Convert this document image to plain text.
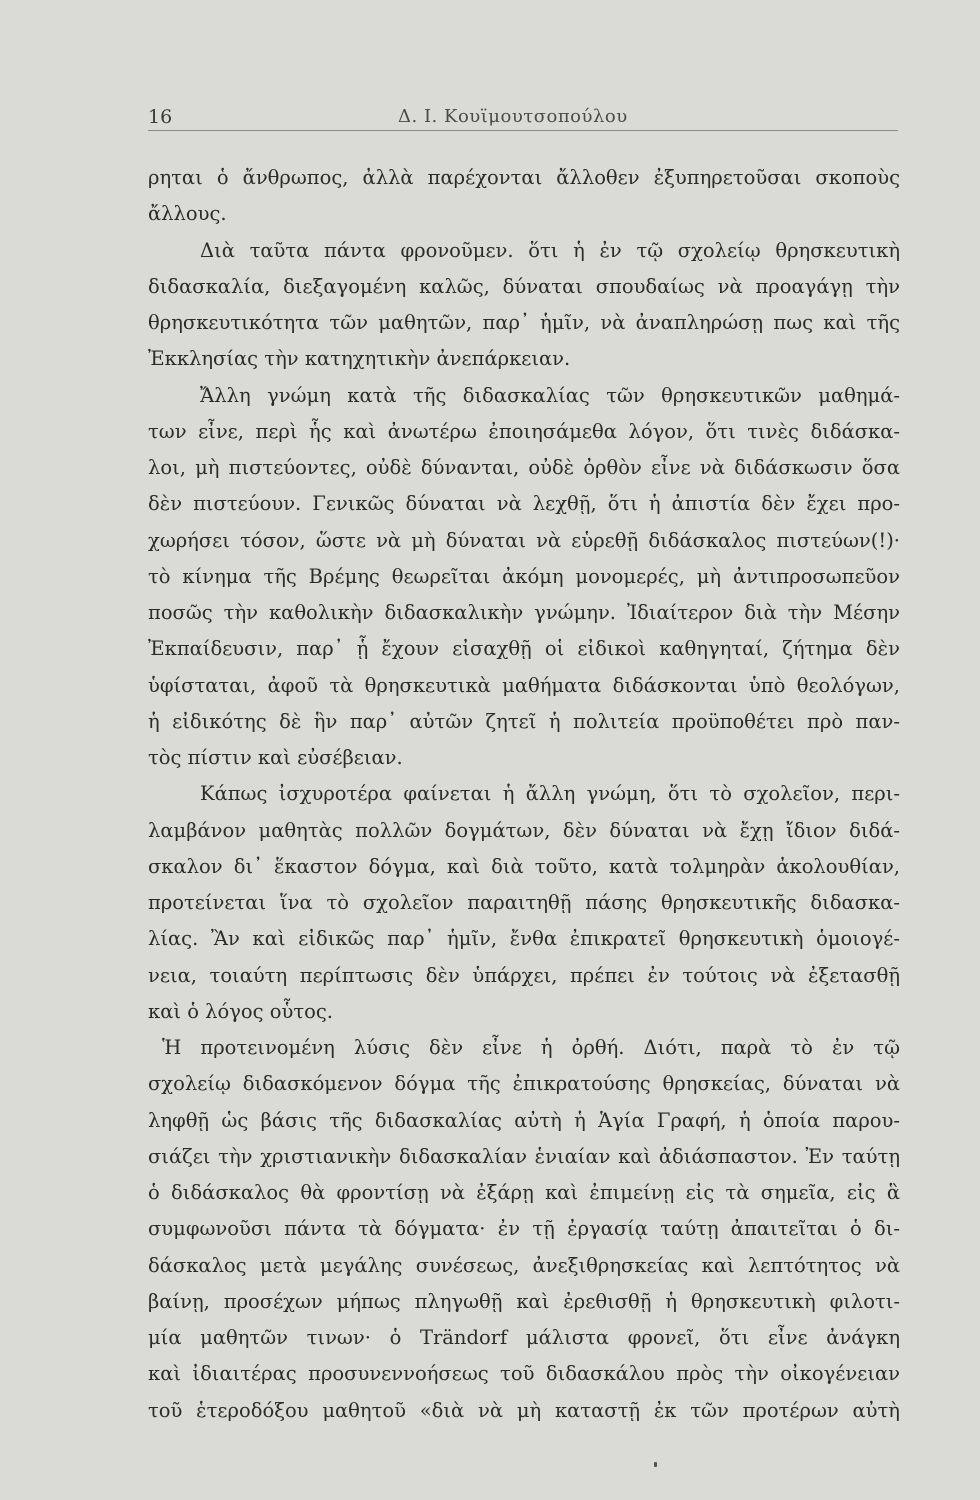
16	Δ. Ι. Κουϊμουτσοπούλου
ρηται ὁ ἄνθρωπος, ἀλλὰ παρέχονται ἄλλοθεν ἐξυπηρετοῦσαι σκοποὺς
ἄλλους.
Διὰ ταῦτα πάντα φρονοῦμεν. ὅτι ἡ ἐν τῷ σχολείῳ θρησκευτικὴ
διδασκαλία, διεξαγομένη καλῶς, δύναται σπουδαίως νὰ προαγάγῃ τὴν
θρησκευτικότητα τῶν μαθητῶν, παρ᾽ ἡμῖν, νὰ ἀναπληρώσῃ πως καὶ τῆς
Ἐκκλησίας τὴν κατηχητικὴν ἀνεπάρκειαν.
Ἄλλη γνώμη κατὰ τῆς διδασκαλίας τῶν θρησκευτικῶν μαθημά-
των εἶνε, περὶ ἧς καὶ ἀνωτέρω ἐποιησάμεθα λόγον, ὅτι τινὲς διδάσκα-
λοι, μὴ πιστεύοντες, οὐδὲ δύνανται, οὐδὲ ὀρθὸν εἶνε νὰ διδάσκωσιν ὅσα
δὲν πιστεύουν. Γενικῶς δύναται νὰ λεχθῇ, ὅτι ἡ ἀπιστία δὲν ἔχει προ-
χωρήσει τόσον, ὥστε νὰ μὴ δύναται νὰ εὑρεθῇ διδάσκαλος πιστεύων(!)·
τὸ κίνημα τῆς Βρέμης θεωρεῖται ἀκόμη μονομερές, μὴ ἀντιπροσωπεῦον
ποσῶς τὴν καθολικὴν διδασκαλικὴν γνώμην. Ἰδιαίτερον διὰ τὴν Μέσην
Ἐκπαίδευσιν, παρ᾽ ᾗ ἔχουν εἰσαχθῇ οἱ εἰδικοὶ καθηγηταί, ζήτημα δὲν
ὑφίσταται, ἀφοῦ τὰ θρησκευτικὰ μαθήματα διδάσκονται ὑπὸ θεολόγων,
ἡ εἰδικότης δὲ ἣν παρ᾽ αὐτῶν ζητεῖ ἡ πολιτεία προϋποθέτει πρὸ παν-
τὸς πίστιν καὶ εὐσέβειαν.
Κάπως ἰσχυροτέρα φαίνεται ἡ ἄλλη γνώμη, ὅτι τὸ σχολεῖον, περι-
λαμβάνον μαθητὰς πολλῶν δογμάτων, δὲν δύναται νὰ ἔχῃ ἴδιον διδά-
σκαλον δι᾽ ἕκαστον δόγμα, καὶ διὰ τοῦτο, κατὰ τολμηρὰν ἀκολουθίαν,
προτείνεται ἵνα τὸ σχολεῖον παραιτηθῇ πάσης θρησκευτικῆς διδασκα-
λίας. Ἂν καὶ εἰδικῶς παρ᾽ ἡμῖν, ἔνθα ἐπικρατεῖ θρησκευτικὴ ὁμοιογέ-
νεια, τοιαύτη περίπτωσις δὲν ὑπάρχει, πρέπει ἐν τούτοις νὰ ἐξετασθῇ
καὶ ὁ λόγος οὗτος.
Ἡ προτεινομένη λύσις δὲν εἶνε ἡ ὀρθή. Διότι, παρὰ τὸ ἐν τῷ
σχολείῳ διδασκόμενον δόγμα τῆς ἐπικρατούσης θρησκείας, δύναται νὰ
ληφθῇ ὡς βάσις τῆς διδασκαλίας αὐτὴ ἡ Ἁγία Γραφή, ἡ ὁποία παρου-
σιάζει τὴν χριστιανικὴν διδασκαλίαν ἑνιαίαν καὶ ἀδιάσπαστον. Ἐν ταύτῃ
ὁ διδάσκαλος θὰ φροντίσῃ νὰ ἐξάρῃ καὶ ἐπιμείνῃ εἰς τὰ σημεῖα, εἰς ἃ
συμφωνοῦσι πάντα τὰ δόγματα· ἐν τῇ ἐργασίᾳ ταύτῃ ἀπαιτεῖται ὁ δι-
δάσκαλος μετὰ μεγάλης συνέσεως, ἀνεξιθρησκείας καὶ λεπτότητος νὰ
βαίνῃ, προσέχων μήπως πληγωθῇ καὶ ἐρεθισθῇ ἡ θρησκευτικὴ φιλοτι-
μία μαθητῶν τινων· ὁ Trändorf μάλιστα φρονεῖ, ὅτι εἶνε ἀνάγκη
καὶ ἰδιαιτέρας προσυνεννοήσεως τοῦ διδασκάλου πρὸς τὴν οἰκογένειαν
τοῦ ἑτεροδόξου μαθητοῦ «διὰ νὰ μὴ καταστῇ ἐκ τῶν προτέρων αὐτὴ
